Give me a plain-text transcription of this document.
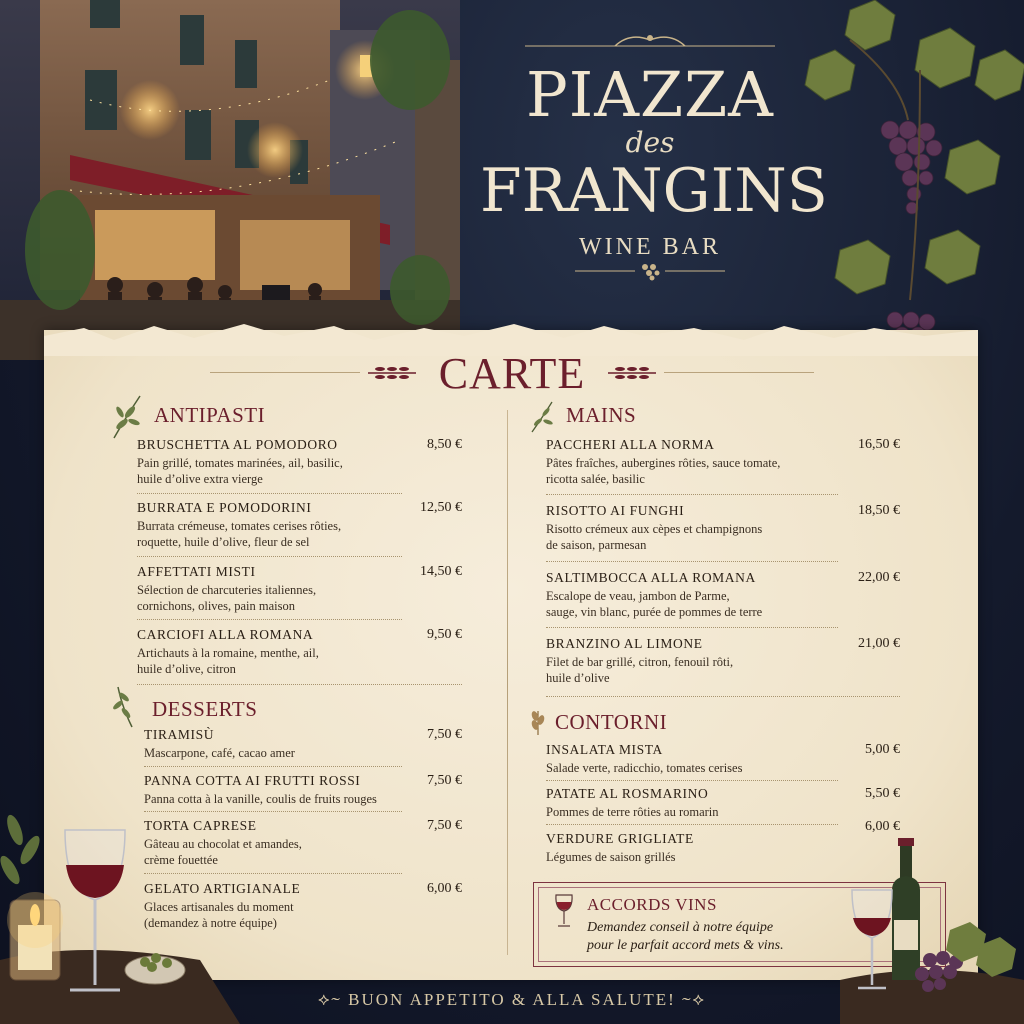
PIAZZA
des
FRANGINS
WINE BAR
CARTE
ANTIPASTI
BRUSCHETTA AL POMODORO
Pain grillé, tomates marinées, ail, basilic,
huile d’olive extra vierge
8,50 €
BURRATA E POMODORINI
Burrata crémeuse, tomates cerises rôties,
roquette, huile d’olive, fleur de sel
12,50 €
AFFETTATI MISTI
Sélection de charcuteries italiennes,
cornichons, olives, pain maison
14,50 €
CARCIOFI ALLA ROMANA
Artichauts à la romaine, menthe, ail,
huile d’olive, citron
9,50 €
DESSERTS
TIRAMISÙ
Mascarpone, café, cacao amer
7,50 €
PANNA COTTA AI FRUTTI ROSSI
Panna cotta à la vanille, coulis de fruits rouges
7,50 €
TORTA CAPRESE
Gâteau au chocolat et amandes,
crème fouettée
7,50 €
GELATO ARTIGIANALE
Glaces artisanales du moment
(demandez à notre équipe)
6,00 €
MAINS
PACCHERI ALLA NORMA
Pâtes fraîches, aubergines rôties, sauce tomate,
ricotta salée, basilic
16,50 €
RISOTTO AI FUNGHI
Risotto crémeux aux cèpes et champignons
de saison, parmesan
18,50 €
SALTIMBOCCA ALLA ROMANA
Escalope de veau, jambon de Parme,
sauge, vin blanc, purée de pommes de terre
22,00 €
BRANZINO AL LIMONE
Filet de bar grillé, citron, fenouil rôti,
huile d’olive
21,00 €
CONTORNI
INSALATA MISTA
Salade verte, radicchio, tomates cerises
5,00 €
PATATE AL ROSMARINO
Pommes de terre rôties au romarin
5,50 €
6,00 €
VERDURE GRIGLIATE
Légumes de saison grillés
ACCORDS VINS
Demandez conseil à notre équipe
pour le parfait accord mets & vins.
⟡⁓ BUON APPETITO & ALLA SALUTE! ⁓⟡
